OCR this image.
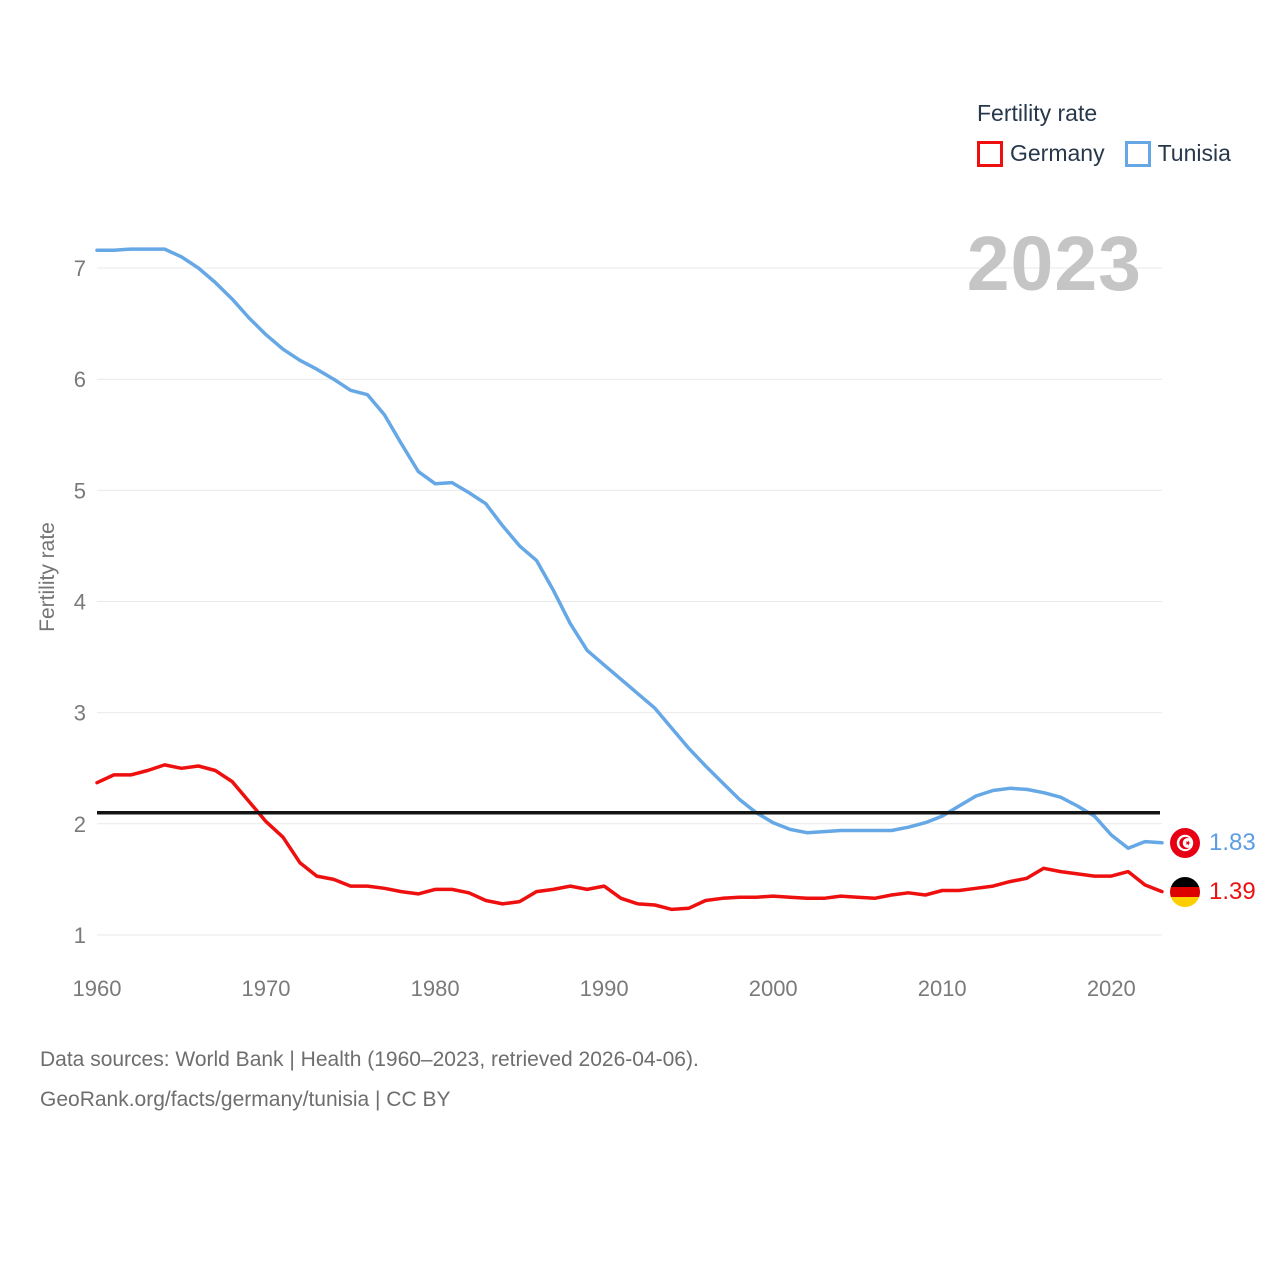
1
2
3
4
5
6
7
1960	1970	1980	1990	2000	2010	2020
Fertility rate
Germany Tunisia
2023
Fertility rate
1.83
1.39
Data sources: World Bank | Health (1960–2023, retrieved 2026-04-06).
GeoRank.org/facts/germany/tunisia | CC BY
